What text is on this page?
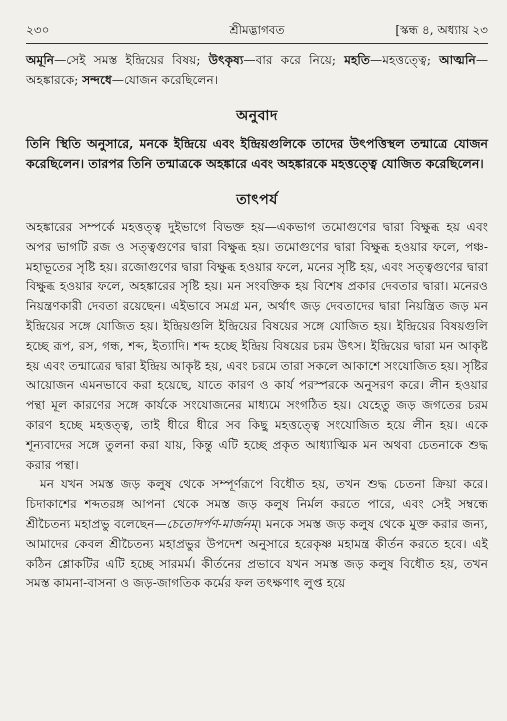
২৩০	শ্রীমদ্ভাগবত	[স্কন্ধ ৪, অধ্যায় ২৩
অমূনি—সেই সমস্ত ইন্দ্রিয়ের বিষয়; উৎকৃষ্য—বার করে নিয়ে; মহতি—মহত্তত্ত্বে; আত্মনি—অহঙ্কারকে; সন্দধে—যোজন করেছিলেন।
অনুবাদ
তিনি স্থিতি অনুসারে, মনকে ইন্দ্রিয়ে এবং ইন্দ্রিয়গুলিকে তাদের উৎপত্তিস্থল তন্মাত্রে যোজন করেছিলেন। তারপর তিনি তন্মাত্রকে অহঙ্কারে এবং অহঙ্কারকে মহত্তত্ত্বে যোজিত করেছিলেন।
তাৎপর্য

অহঙ্কারের সম্পর্কে মহত্তত্ত্ব দুইভাগে বিভক্ত হয়—একভাগ তমোগুণের দ্বারা বিক্ষুব্ধ হয় এবং অপর ভাগটি রজ ও সত্ত্বগুণের দ্বারা বিক্ষুব্ধ হয়। তমোগুণের দ্বারা বিক্ষুব্ধ হওয়ার ফলে, পঞ্চ-মহাভূতের সৃষ্টি হয়। রজোগুণের দ্বারা বিক্ষুব্ধ হওয়ার ফলে, মনের সৃষ্টি হয়, এবং সত্ত্বগুণের দ্বারা বিক্ষুব্ধ হওয়ার ফলে, অহঙ্কারের সৃষ্টি হয়। মন সংবক্তিক হয় বিশেষ প্রকার দেবতার দ্বারা। মনেরও নিয়ন্ত্রণকারী দেবতা রয়েছেন। এইভাবে সমগ্র মন, অর্থাৎ জড় দেবতাদের দ্বারা নিয়ন্ত্রিত জড় মন ইন্দ্রিয়ের সঙ্গে যোজিত হয়। ইন্দ্রিয়গুলি ইন্দ্রিয়ের বিষয়ের সঙ্গে যোজিত হয়। ইন্দ্রিয়ের বিষয়গুলি হচ্ছে রূপ, রস, গন্ধ, শব্দ, ইত্যাদি। শব্দ হচ্ছে ইন্দ্রিয় বিষয়ের চরম উৎস। ইন্দ্রিয়ের দ্বারা মন আকৃষ্ট হয় এবং তন্মাত্রের দ্বারা ইন্দ্রিয় আকৃষ্ট হয়, এবং চরমে তারা সকলে আকাশে সংযোজিত হয়। সৃষ্টির আয়োজন এমনভাবে করা হয়েছে, যাতে কারণ ও কার্য পরস্পরকে অনুসরণ করে। লীন হওয়ার পন্থা মূল কারণের সঙ্গে কার্যকে সংযোজনের মাধ্যমে সংগঠিত হয়। যেহেতু জড় জগতের চরম কারণ হচ্ছে মহত্তত্ত্ব, তাই ধীরে ধীরে সব কিছু মহত্তত্ত্বে সংযোজিত হয়ে লীন হয়। একে শূন্যবাদের সঙ্গে তুলনা করা যায়, কিন্তু এটি হচ্ছে প্রকৃত আধ্যাত্মিক মন অথবা চেতনাকে শুদ্ধ করার পন্থা।

মন যখন সমস্ত জড় কলুষ থেকে সম্পূর্ণরূপে বিধৌত হয়, তখন শুদ্ধ চেতনা ক্রিয়া করে। চিদাকাশের শব্দতরঙ্গ আপনা থেকে সমস্ত জড় কলুষ নির্মল করতে পারে, এবং সেই সম্বন্ধে শ্রীচৈতন্য মহাপ্রভু বলেছেন—চেতোদর্পণ-মার্জনম্। মনকে সমস্ত জড় কলুষ থেকে মুক্ত করার জন্য, আমাদের কেবল শ্রীচৈতন্য মহাপ্রভুর উপদেশ অনুসারে হরেকৃষ্ণ মহামন্ত্র কীর্তন করতে হবে। এই কঠিন শ্লোকটির এটি হচ্ছে সারমর্ম। কীর্তনের প্রভাবে যখন সমস্ত জড় কলুষ বিধৌত হয়, তখন সমস্ত কামনা-বাসনা ও জড়-জাগতিক কর্মের ফল তৎক্ষণাৎ লুপ্ত হয়ে
